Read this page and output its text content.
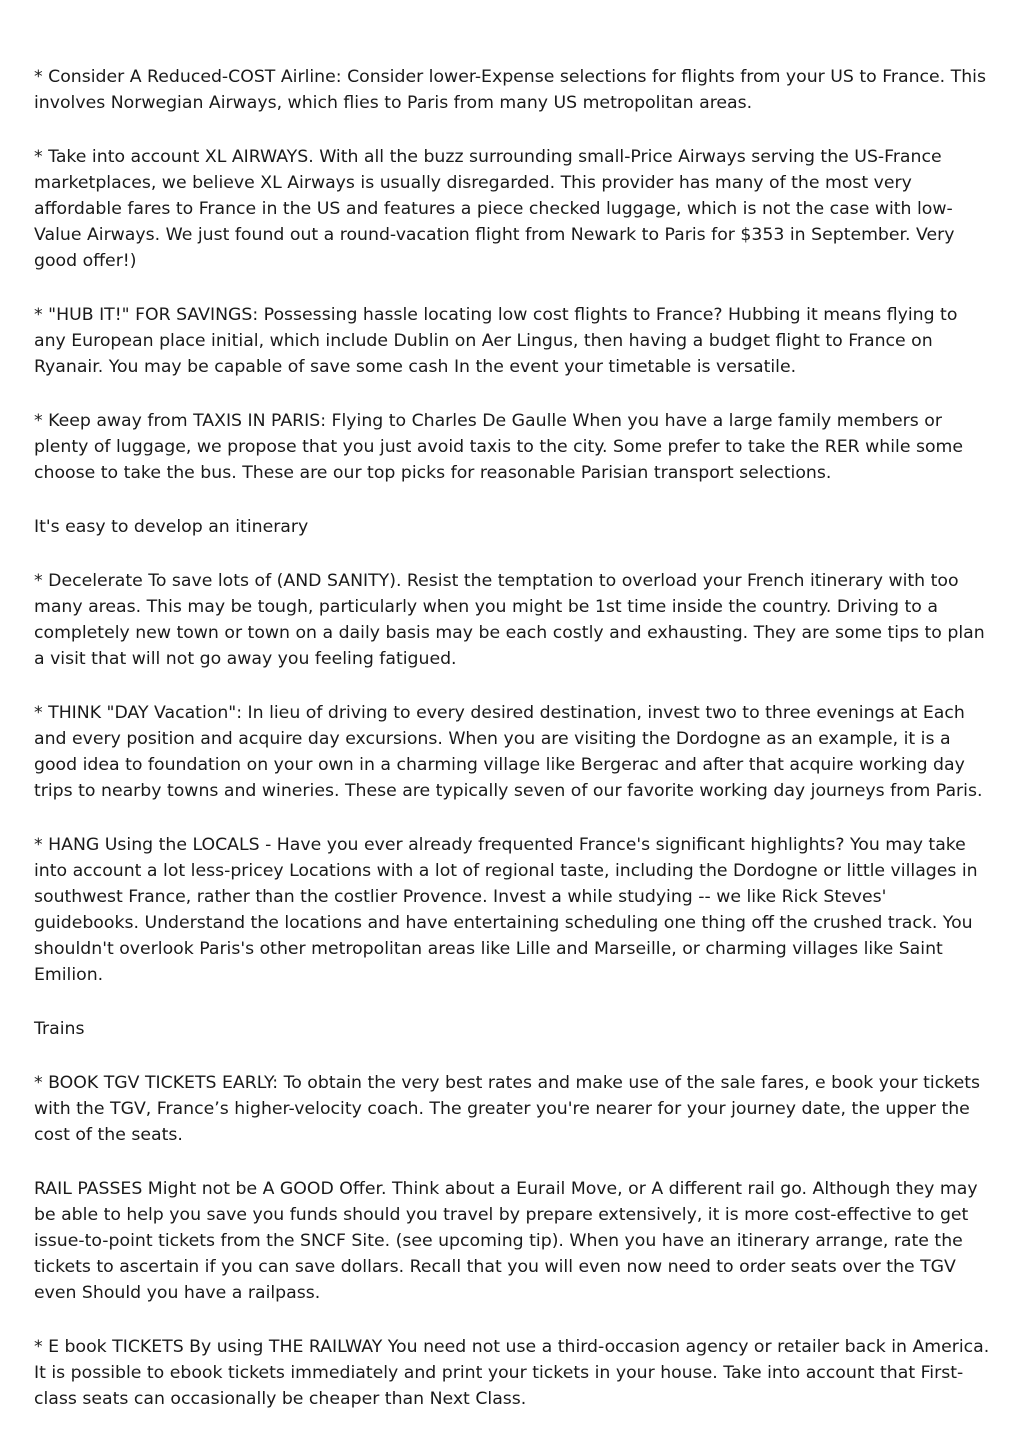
* Consider A Reduced-COST Airline: Consider lower-Expense selections for flights from your US to France. This involves Norwegian Airways, which flies to Paris from many US metropolitan areas.

* Take into account XL AIRWAYS. With all the buzz surrounding small-Price Airways serving the US-France marketplaces, we believe XL Airways is usually disregarded. This provider has many of the most very affordable fares to France in the US and features a piece checked luggage, which is not the case with low-Value Airways. We just found out a round-vacation flight from Newark to Paris for $353 in September. Very good offer!)

* "HUB IT!" FOR SAVINGS: Possessing hassle locating low cost flights to France? Hubbing it means flying to any European place initial, which include Dublin on Aer Lingus, then having a budget flight to France on Ryanair. You may be capable of save some cash In the event your timetable is versatile.

* Keep away from TAXIS IN PARIS: Flying to Charles De Gaulle When you have a large family members or plenty of luggage, we propose that you just avoid taxis to the city. Some prefer to take the RER while some choose to take the bus. These are our top picks for reasonable Parisian transport selections.

It's easy to develop an itinerary

* Decelerate To save lots of (AND SANITY). Resist the temptation to overload your French itinerary with too many areas. This may be tough, particularly when you might be 1st time inside the country. Driving to a completely new town or town on a daily basis may be each costly and exhausting. They are some tips to plan a visit that will not go away you feeling fatigued.

* THINK "DAY Vacation": In lieu of driving to every desired destination, invest two to three evenings at Each and every position and acquire day excursions. When you are visiting the Dordogne as an example, it is a good idea to foundation on your own in a charming village like Bergerac and after that acquire working day trips to nearby towns and wineries. These are typically seven of our favorite working day journeys from Paris.

* HANG Using the LOCALS - Have you ever already frequented France's significant highlights? You may take into account a lot less-pricey Locations with a lot of regional taste, including the Dordogne or little villages in southwest France, rather than the costlier Provence. Invest a while studying -- we like Rick Steves' guidebooks. Understand the locations and have entertaining scheduling one thing off the crushed track. You shouldn't overlook Paris's other metropolitan areas like Lille and Marseille, or charming villages like Saint Emilion.

Trains

* BOOK TGV TICKETS EARLY: To obtain the very best rates and make use of the sale fares, e book your tickets with the TGV, France’s higher-velocity coach. The greater you're nearer for your journey date, the upper the cost of the seats.

RAIL PASSES Might not be A GOOD Offer. Think about a Eurail Move, or A different rail go. Although they may be able to help you save you funds should you travel by prepare extensively, it is more cost-effective to get issue-to-point tickets from the SNCF Site. (see upcoming tip). When you have an itinerary arrange, rate the tickets to ascertain if you can save dollars. Recall that you will even now need to order seats over the TGV even Should you have a railpass.

* E book TICKETS By using THE RAILWAY You need not use a third-occasion agency or retailer back in America. It is possible to ebook tickets immediately and print your tickets in your house. Take into account that First-class seats can occasionally be cheaper than Next Class.
